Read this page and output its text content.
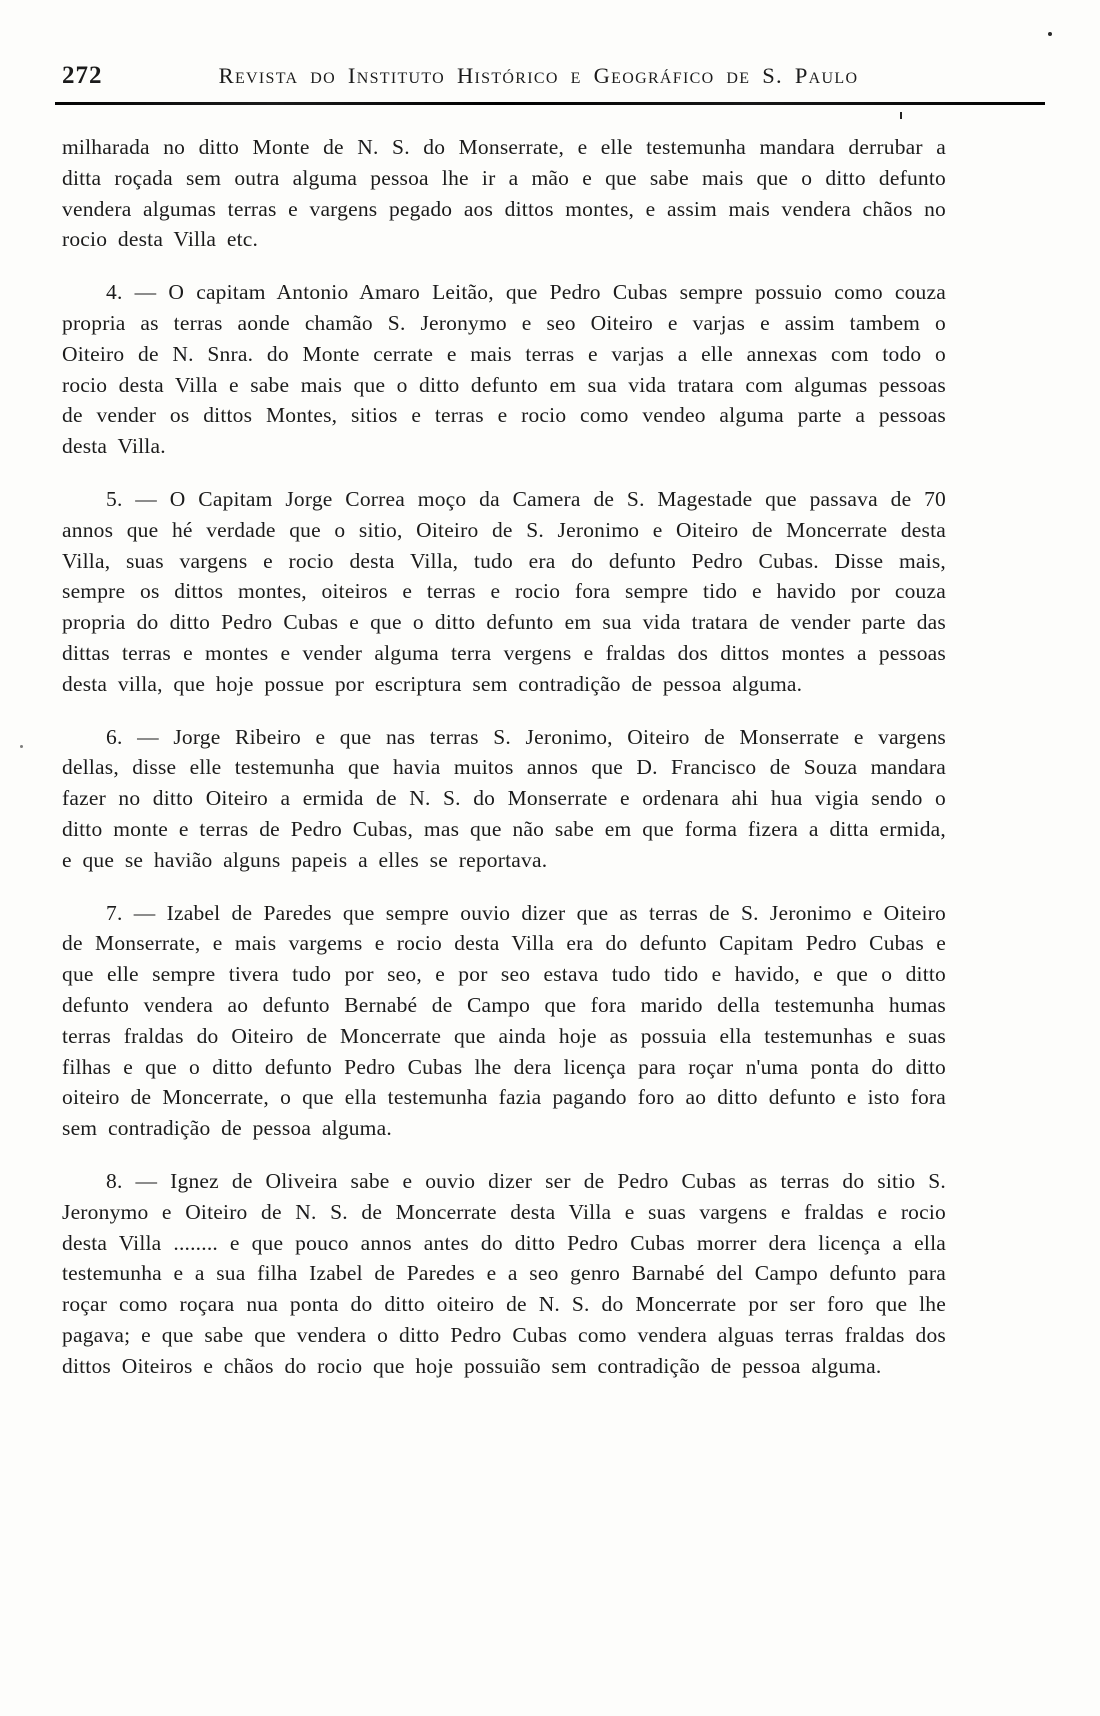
272	Revista do Instituto Histórico e Geográfico de S. Paulo

milharada no ditto Monte de N. S. do Monserrate, e elle testemunha mandara derrubar a ditta roçada sem outra alguma pessoa lhe ir a mão e que sabe mais que o ditto defunto vendera algumas terras e vargens pegado aos dittos montes, e assim mais vendera chãos no rocio desta Villa etc.

4. — O capitam Antonio Amaro Leitão, que Pedro Cubas sempre possuio como couza propria as terras aonde chamão S. Jeronymo e seo Oiteiro e varjas e assim tambem o Oiteiro de N. Snra. do Monte cerrate e mais terras e varjas a elle annexas com todo o rocio desta Villa e sabe mais que o ditto defunto em sua vida tratara com algumas pessoas de vender os dittos Montes, sitios e terras e rocio como vendeo alguma parte a pessoas desta Villa.

5. — O Capitam Jorge Correa moço da Camera de S. Magestade que passava de 70 annos que hé verdade que o sitio, Oiteiro de S. Jeronimo e Oiteiro de Moncerrate desta Villa, suas vargens e rocio desta Villa, tudo era do defunto Pedro Cubas. Disse mais, sempre os dittos montes, oiteiros e terras e rocio fora sempre tido e havido por couza propria do ditto Pedro Cubas e que o ditto defunto em sua vida tratara de vender parte das dittas terras e montes e vender alguma terra vergens e fraldas dos dittos montes a pessoas desta villa, que hoje possue por escriptura sem contradição de pessoa alguma.

6. — Jorge Ribeiro e que nas terras S. Jeronimo, Oiteiro de Monserrate e vargens dellas, disse elle testemunha que havia muitos annos que D. Francisco de Souza mandara fazer no ditto Oiteiro a ermida de N. S. do Monserrate e ordenara ahi hua vigia sendo o ditto monte e terras de Pedro Cubas, mas que não sabe em que forma fizera a ditta ermida, e que se havião alguns papeis a elles se reportava.

7. — Izabel de Paredes que sempre ouvio dizer que as terras de S. Jeronimo e Oiteiro de Monserrate, e mais vargems e rocio desta Villa era do defunto Capitam Pedro Cubas e que elle sempre tivera tudo por seo, e por seo estava tudo tido e havido, e que o ditto defunto vendera ao defunto Bernabé de Campo que fora marido della testemunha humas terras fraldas do Oiteiro de Moncerrate que ainda hoje as possuia ella testemunhas e suas filhas e que o ditto defunto Pedro Cubas lhe dera licença para roçar n'uma ponta do ditto oiteiro de Moncerrate, o que ella testemunha fazia pagando foro ao ditto defunto e isto fora sem contradição de pessoa alguma.

8. — Ignez de Oliveira sabe e ouvio dizer ser de Pedro Cubas as terras do sitio S. Jeronymo e Oiteiro de N. S. de Moncerrate desta Villa e suas vargens e fraldas e rocio desta Villa ........ e que pouco annos antes do ditto Pedro Cubas morrer dera licença a ella testemunha e a sua filha Izabel de Paredes e a seo genro Barnabé del Campo defunto para roçar como roçara nua ponta do ditto oiteiro de N. S. do Moncerrate por ser foro que lhe pagava; e que sabe que vendera o ditto Pedro Cubas como vendera alguas terras fraldas dos dittos Oiteiros e chãos do rocio que hoje possuião sem contradição de pessoa alguma.
